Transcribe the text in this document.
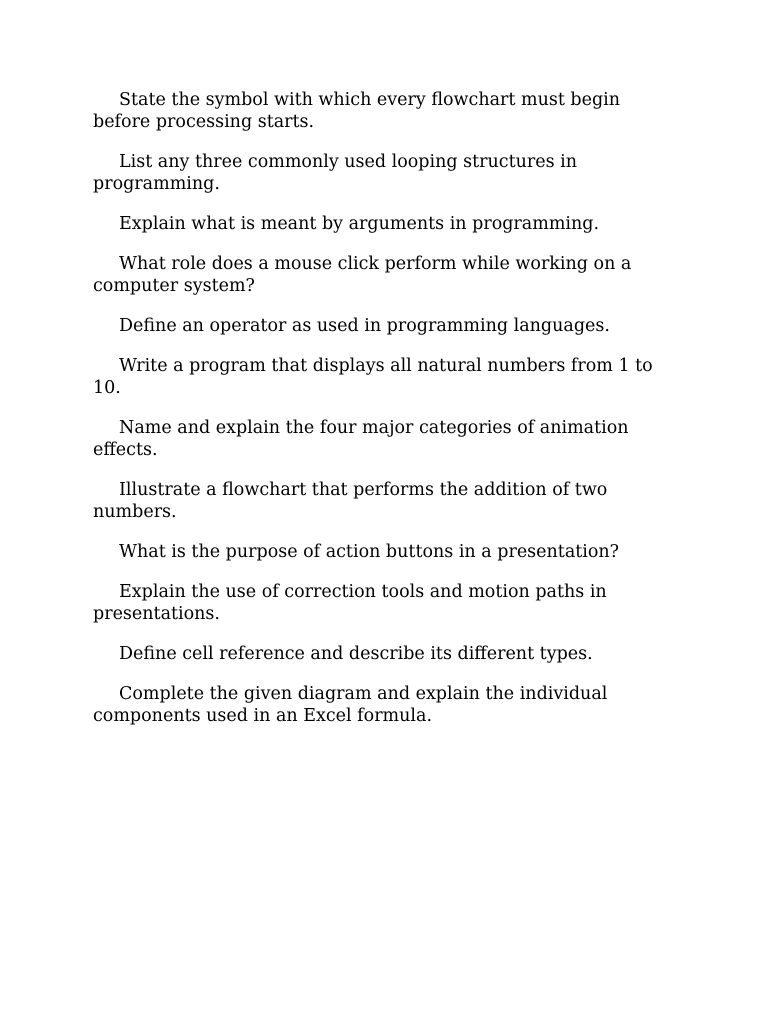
State the symbol with which every flowchart must begin before processing starts.

List any three commonly used looping structures in programming.

Explain what is meant by arguments in programming.

What role does a mouse click perform while working on a computer system?

Define an operator as used in programming languages.

Write a program that displays all natural numbers from 1 to 10.

Name and explain the four major categories of animation effects.

Illustrate a flowchart that performs the addition of two numbers.

What is the purpose of action buttons in a presentation?

Explain the use of correction tools and motion paths in presentations.

Define cell reference and describe its different types.

Complete the given diagram and explain the individual components used in an Excel formula.
